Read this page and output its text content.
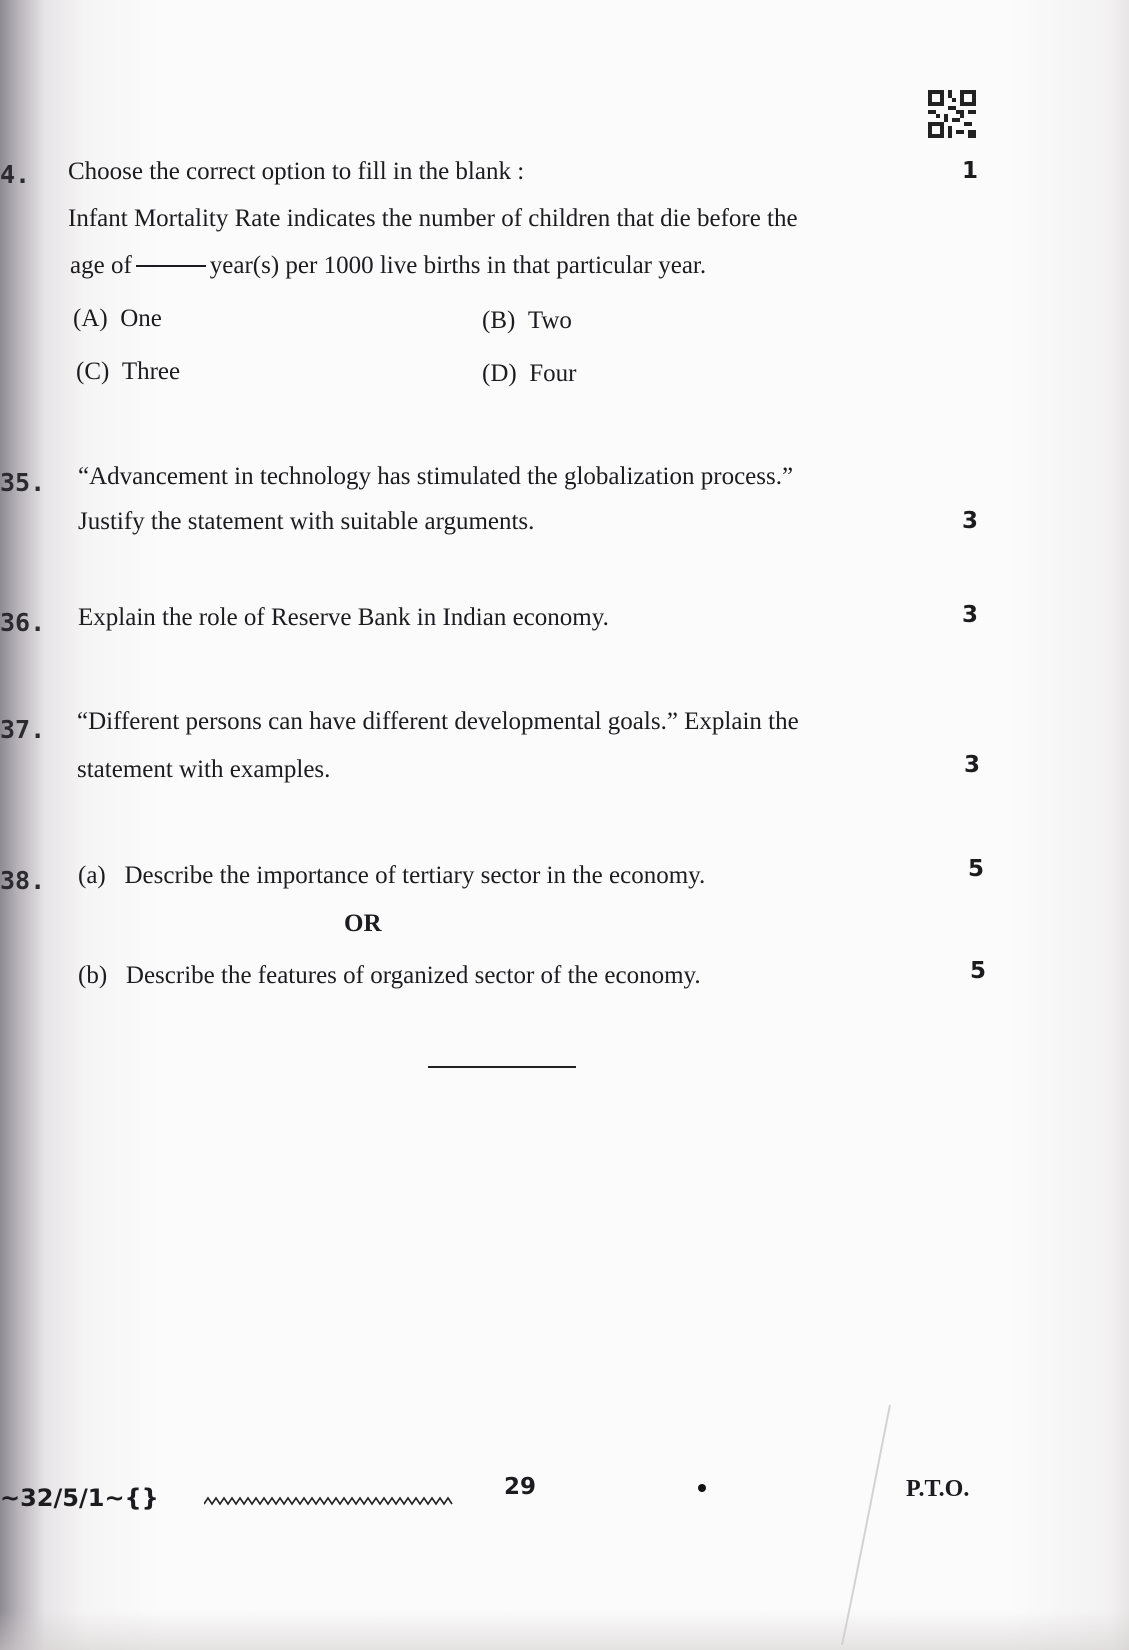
4. Choose the correct option to fill in the blank :	1
Infant Mortality Rate indicates the number of children that die before the
age of	year(s) per 1000 live births in that particular year.
(A) One	(B) Two
(C) Three	(D) Four
35. “Advancement in technology has stimulated the globalization process.”
Justify the statement with suitable arguments.	3
36. Explain the role of Reserve Bank in Indian economy.	3
37. “Different persons can have different developmental goals.” Explain the
statement with examples.	3
38. (a) Describe the importance of tertiary sector in the economy.	5
OR
(b) Describe the features of organized sector of the economy.	5
~32/5/1~{}	29	P.T.O.
